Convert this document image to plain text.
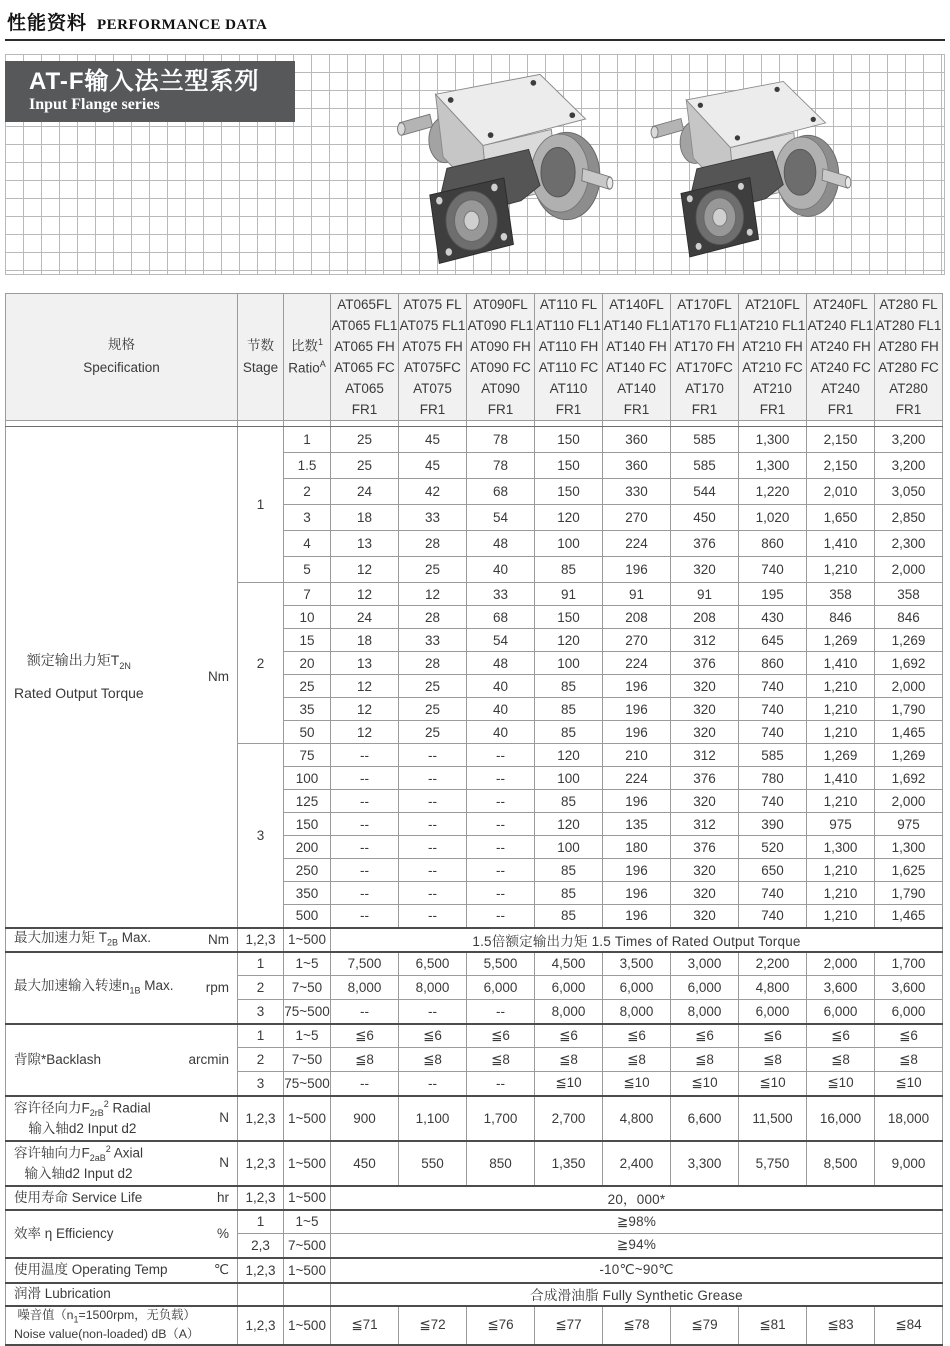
性能资料 PERFORMANCE DATA
AT-F输入法兰型系列
Input Flange series
规格
Specification	节数
Stage	比数$^1$
Ratio$^A$	AT065FL
AT065 FL1
AT065 FH
AT065 FC
AT065 FR1	AT075 FL
AT075 FL1
AT075 FH
AT075FC
AT075 FR1	AT090FL
AT090 FL1
AT090 FH
AT090 FC
AT090 FR1	AT110 FL
AT110 FL1
AT110 FH
AT110 FC
AT110 FR1	AT140FL
AT140 FL1
AT140 FH
AT140 FC
AT140 FR1	AT170FL
AT170 FL1
AT170 FH
AT170FC
AT170 FR1	AT210FL
AT210 FL1
AT210 FH
AT210 FC
AT210 FR1	AT240FL
AT240 FL1
AT240 FH
AT240 FC
AT240 FR1	AT280 FL
AT280 FL1
AT280 FH
AT280 FC
AT280 FR1

额定输出力矩$T_{2N}$
Rated Output Torque
Nm	1	1	25	45	78	150	360	585	1,300	2,150	3,200
		1.5	25	45	78	150	360	585	1,300	2,150	3,200
		2	24	42	68	150	330	544	1,220	2,010	3,050
		3	18	33	54	120	270	450	1,020	1,650	2,850
		4	13	28	48	100	224	376	860	1,410	2,300
		5	12	25	40	85	196	320	740	1,210	2,000
	2	7	12	12	33	91	91	91	195	358	358
		10	24	28	68	150	208	208	430	846	846
		15	18	33	54	120	270	312	645	1,269	1,269
		20	13	28	48	100	224	376	860	1,410	1,692
		25	12	25	40	85	196	320	740	1,210	2,000
		35	12	25	40	85	196	320	740	1,210	1,790
		50	12	25	40	85	196	320	740	1,210	1,465
	3	75	--	--	--	120	210	312	585	1,269	1,269
		100	--	--	--	100	224	376	780	1,410	1,692
		125	--	--	--	85	196	320	740	1,210	2,000
		150	--	--	--	120	135	312	390	975	975
		200	--	--	--	100	180	376	520	1,300	1,300
		250	--	--	--	85	196	320	650	1,210	1,625
		350	--	--	--	85	196	320	740	1,210	1,790
		500	--	--	--	85	196	320	740	1,210	1,465

最大加速力矩 $T_{2B}$ Max. Nm	1,2,3	1~500	1.5倍额定输出力矩 1.5 Times of Rated Output Torque								

最大加速输入转速$n_{1B}$ Max. rpm	1	1~5	7,500	6,500	5,500	4,500	3,500	3,000	2,200	2,000	1,700
	2	7~50	8,000	8,000	6,000	6,000	6,000	6,000	4,800	3,600	3,600
	3	75~500	--	--	--	8,000	8,000	8,000	6,000	6,000	6,000

背隙*Backlash arcmin	1	1~5	≦6	≦6	≦6	≦6	≦6	≦6	≦6	≦6	≦6
	2	7~50	≦8	≦8	≦8	≦8	≦8	≦8	≦8	≦8	≦8
	3	75~500	--	--	--	≦10	≦10	≦10	≦10	≦10	≦10

容许径向力$F_{2rB}^2$ Radial
输入轴d2 Input d2
N	1,2,3	1~500	900	1,100	1,700	2,700	4,800	6,600	11,500	16,000	18,000

容许轴向力$F_{2aB}^2$ Axial
输入轴d2 Input d2
N	1,2,3	1~500	450	550	850	1,350	2,400	3,300	5,750	8,500	9,000

使用寿命 Service Life hr	1,2,3	1~500	20，000*								

效率 η Efficiency %	1	1~5	≧98%								
	2,3	7~500	≧94%								

使用温度 Operating Temp ℃	1,2,3	1~500	-10℃~90℃								

润滑 Lubrication			合成滑油脂 Fully Synthetic Grease								

噪音值（$n_1=1500rpm$，无负载）
Noise value(non-loaded) dB（A）	1,2,3	1~500	≦71	≦72	≦76	≦77	≦78	≦79	≦81	≦83	≦84
